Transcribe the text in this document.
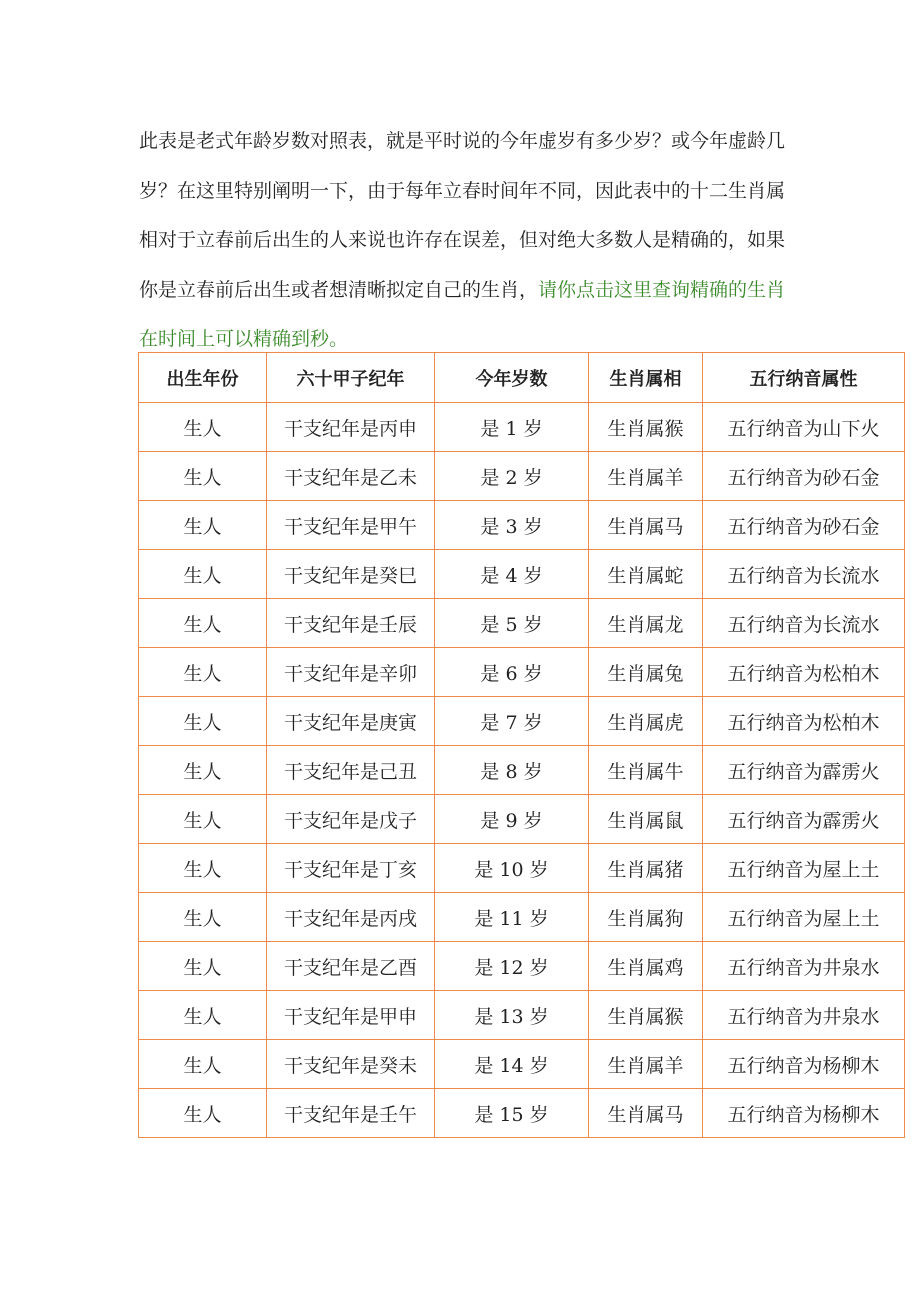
此表是老式年龄岁数对照表，就是平时说的今年虚岁有多少岁？或今年虚龄几岁？在这里特别阐明一下，由于每年立春时间年不同，因此表中的十二生肖属相对于立春前后出生的人来说也许存在误差，但对绝大多数人是精确的，如果你是立春前后出生或者想清晰拟定自己的生肖，请你点击这里查询精确的生肖在时间上可以精确到秒。

出生年份	六十甲子纪年	今年岁数	生肖属相	五行纳音属性
生人	干支纪年是丙申	是 1 岁	生肖属猴	五行纳音为山下火
生人	干支纪年是乙未	是 2 岁	生肖属羊	五行纳音为砂石金
生人	干支纪年是甲午	是 3 岁	生肖属马	五行纳音为砂石金
生人	干支纪年是癸巳	是 4 岁	生肖属蛇	五行纳音为长流水
生人	干支纪年是壬辰	是 5 岁	生肖属龙	五行纳音为长流水
生人	干支纪年是辛卯	是 6 岁	生肖属兔	五行纳音为松柏木
生人	干支纪年是庚寅	是 7 岁	生肖属虎	五行纳音为松柏木
生人	干支纪年是己丑	是 8 岁	生肖属牛	五行纳音为霹雳火
生人	干支纪年是戊子	是 9 岁	生肖属鼠	五行纳音为霹雳火
生人	干支纪年是丁亥	是 10 岁	生肖属猪	五行纳音为屋上土
生人	干支纪年是丙戌	是 11 岁	生肖属狗	五行纳音为屋上土
生人	干支纪年是乙酉	是 12 岁	生肖属鸡	五行纳音为井泉水
生人	干支纪年是甲申	是 13 岁	生肖属猴	五行纳音为井泉水
生人	干支纪年是癸未	是 14 岁	生肖属羊	五行纳音为杨柳木
生人	干支纪年是壬午	是 15 岁	生肖属马	五行纳音为杨柳木
